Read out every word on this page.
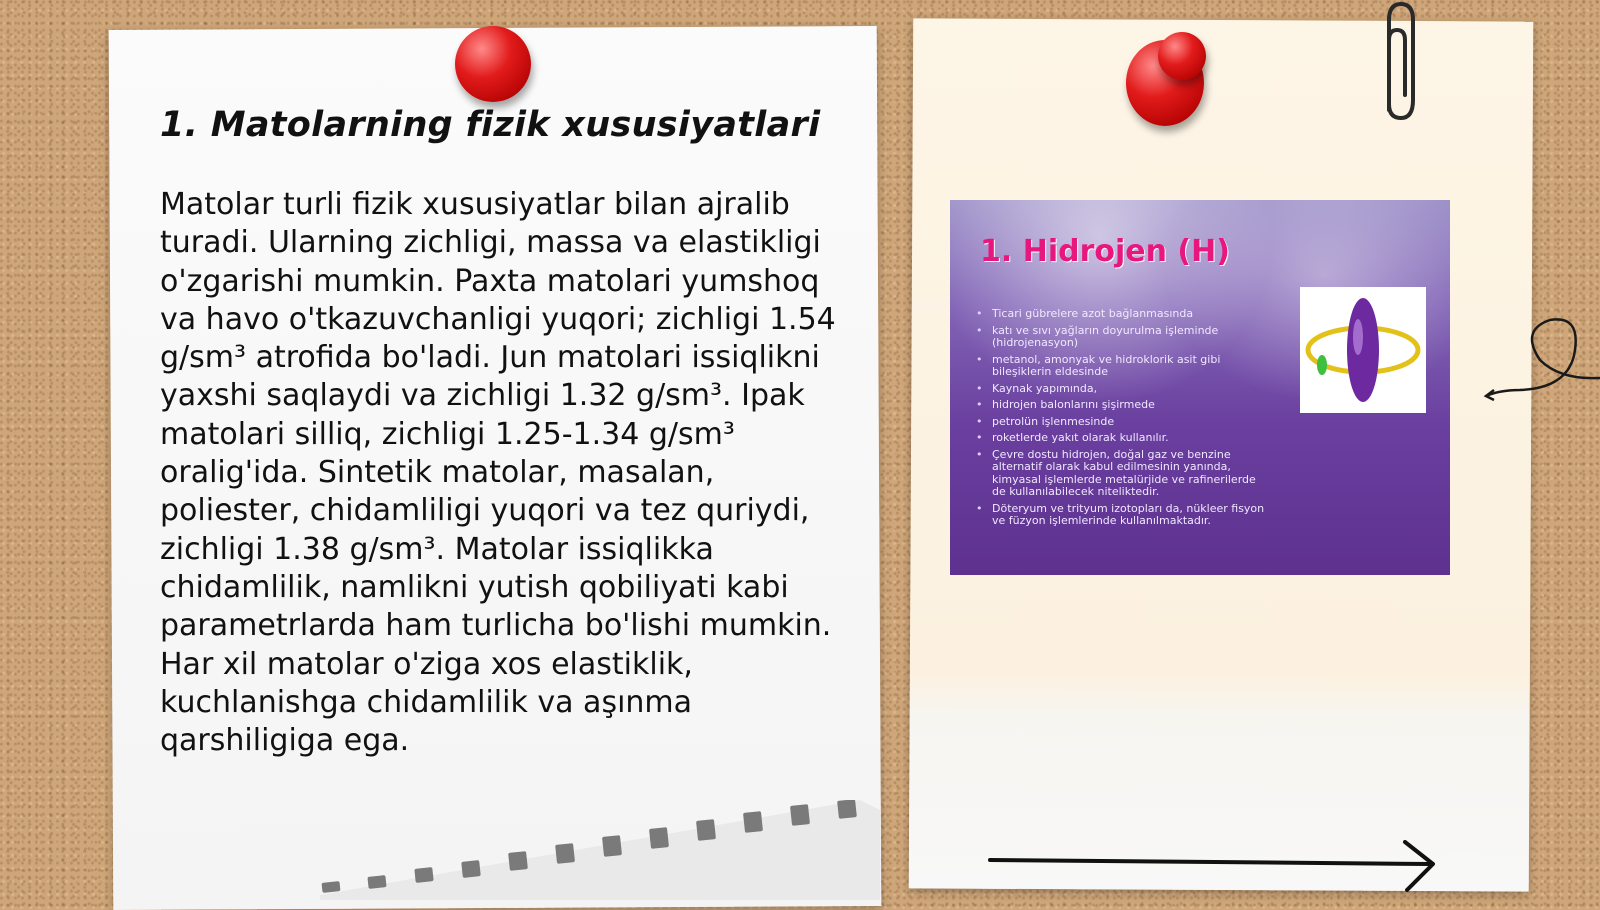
1. Matolarning fizik xususiyatlari

Matolar turli fizik xususiyatlar bilan ajralib turadi. Ularning zichligi, massa va elastikligi o'zgarishi mumkin. Paxta matolari yumshoq va havo o'tkazuvchanligi yuqori; zichligi 1.54 g/sm³ atrofida bo'ladi. Jun matolari issiqlikni yaxshi saqlaydi va zichligi 1.32 g/sm³. Ipak matolari silliq, zichligi 1.25-1.34 g/sm³ oralig'ida. Sintetik matolar, masalan, poliester, chidamliligi yuqori va tez quriydi, zichligi 1.38 g/sm³. Matolar issiqlikka chidamlilik, namlikni yutish qobiliyati kabi parametrlarda ham turlicha bo'lishi mumkin. Har xil matolar o'ziga xos elastiklik, kuchlanishga chidamlilik va aşınma qarshiligiga ega.

1. Hidrojen (H)
• Ticari gübrelere azot bağlanmasında
• katı ve sıvı yağların doyurulma işleminde (hidrojenasyon)
• metanol, amonyak ve hidroklorik asit gibi bileşiklerin eldesinde
• Kaynak yapımında,
• hidrojen balonlarını şişirmede
• petrolün işlenmesinde
• roketlerde yakıt olarak kullanılır.
• Çevre dostu hidrojen, doğal gaz ve benzine alternatif olarak kabul edilmesinin yanında, kimyasal işlemlerde metalürjide ve rafinerilerde de kullanılabilecek niteliktedir.
• Döteryum ve trityum izotopları da, nükleer fisyon ve füzyon işlemlerinde kullanılmaktadır.
